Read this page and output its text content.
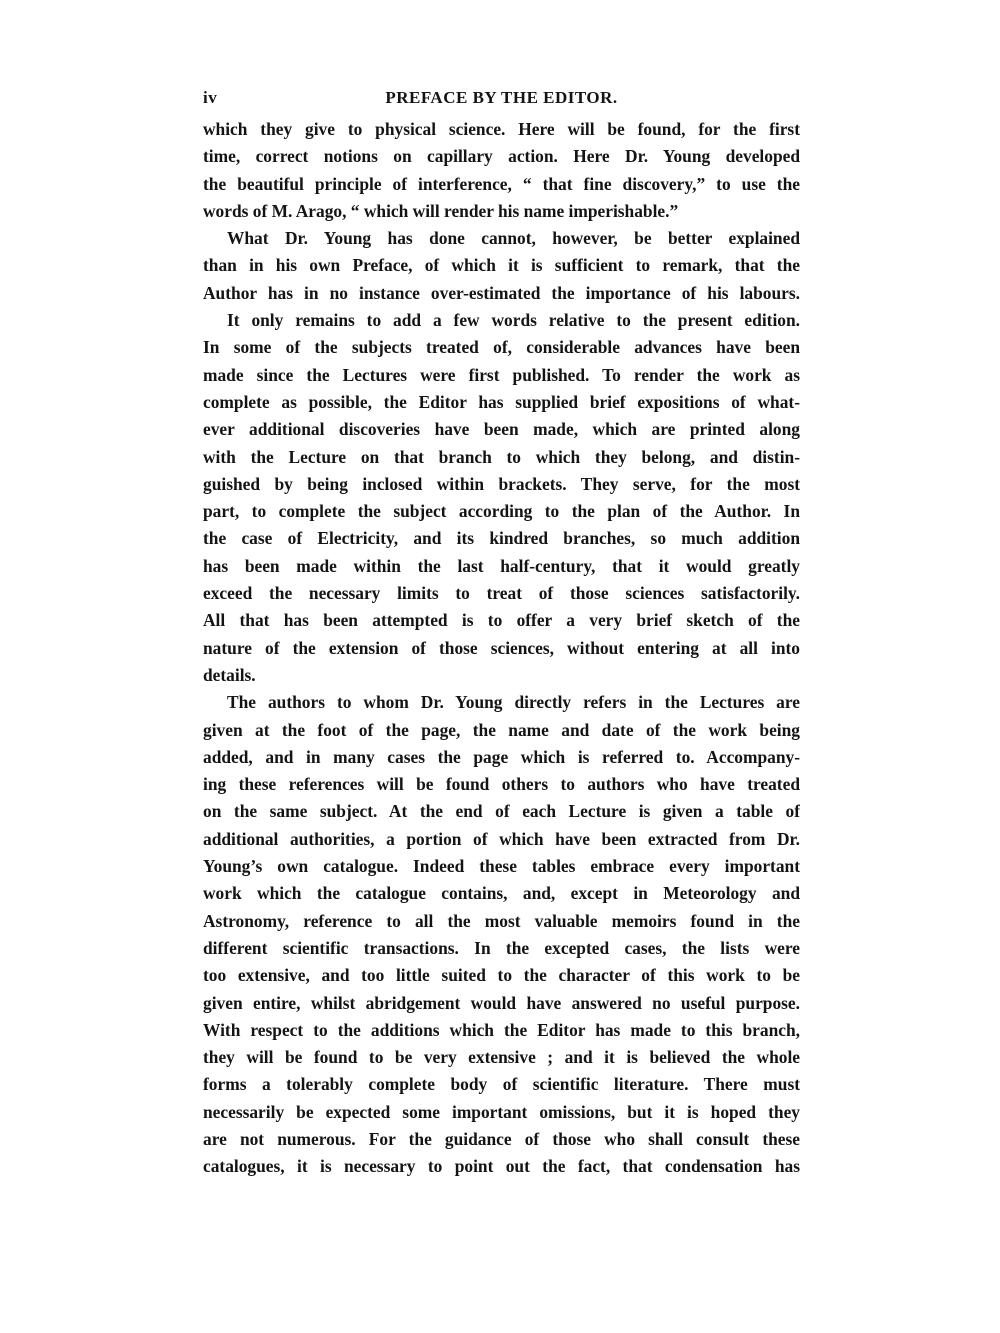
iv	PREFACE BY THE EDITOR.
which they give to physical science. Here will be found, for the first
time, correct notions on capillary action. Here Dr. Young developed
the beautiful principle of interference, “ that fine discovery,” to use the
words of M. Arago, “ which will render his name imperishable.”
What Dr. Young has done cannot, however, be better explained
than in his own Preface, of which it is sufficient to remark, that the
Author has in no instance over-estimated the importance of his labours.
It only remains to add a few words relative to the present edition.
In some of the subjects treated of, considerable advances have been
made since the Lectures were first published. To render the work as
complete as possible, the Editor has supplied brief expositions of what-
ever additional discoveries have been made, which are printed along
with the Lecture on that branch to which they belong, and distin-
guished by being inclosed within brackets. They serve, for the most
part, to complete the subject according to the plan of the Author. In
the case of Electricity, and its kindred branches, so much addition
has been made within the last half-century, that it would greatly
exceed the necessary limits to treat of those sciences satisfactorily.
All that has been attempted is to offer a very brief sketch of the
nature of the extension of those sciences, without entering at all into
details.
The authors to whom Dr. Young directly refers in the Lectures are
given at the foot of the page, the name and date of the work being
added, and in many cases the page which is referred to. Accompany-
ing these references will be found others to authors who have treated
on the same subject. At the end of each Lecture is given a table of
additional authorities, a portion of which have been extracted from Dr.
Young’s own catalogue. Indeed these tables embrace every important
work which the catalogue contains, and, except in Meteorology and
Astronomy, reference to all the most valuable memoirs found in the
different scientific transactions. In the excepted cases, the lists were
too extensive, and too little suited to the character of this work to be
given entire, whilst abridgement would have answered no useful purpose.
With respect to the additions which the Editor has made to this branch,
they will be found to be very extensive ; and it is believed the whole
forms a tolerably complete body of scientific literature. There must
necessarily be expected some important omissions, but it is hoped they
are not numerous. For the guidance of those who shall consult these
catalogues, it is necessary to point out the fact, that condensation has
